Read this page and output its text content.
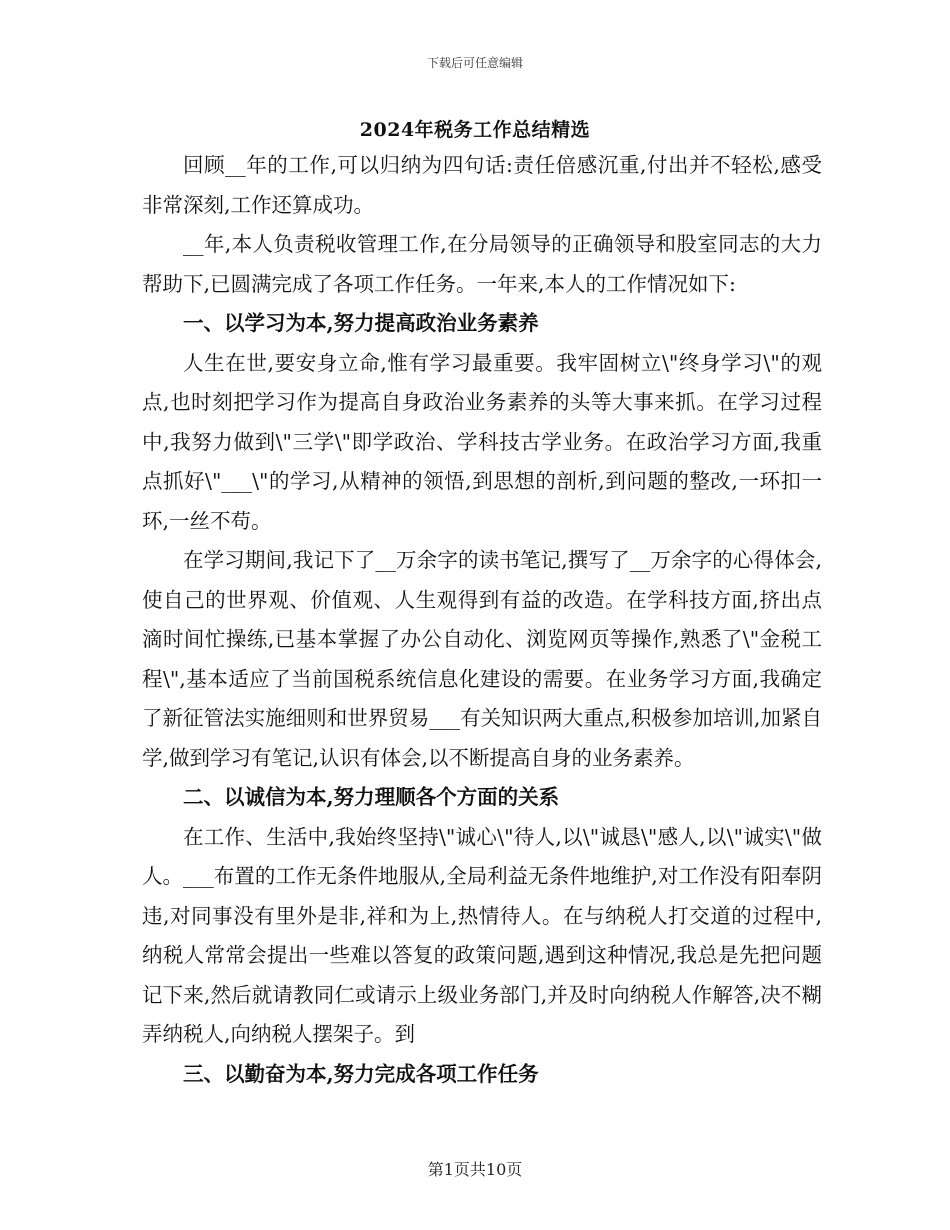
下载后可任意编辑
2024年税务工作总结精选

回顾__年的工作,可以归纳为四句话:责任倍感沉重,付出并不轻松,感受非常深刻,工作还算成功。

__年,本人负责税收管理工作,在分局领导的正确领导和股室同志的大力帮助下,已圆满完成了各项工作任务。一年来,本人的工作情况如下:

一、以学习为本,努力提高政治业务素养

人生在世,要安身立命,惟有学习最重要。我牢固树立\"终身学习\"的观点,也时刻把学习作为提高自身政治业务素养的头等大事来抓。在学习过程中,我努力做到\"三学\"即学政治、学科技古学业务。在政治学习方面,我重点抓好\"___\"的学习,从精神的领悟,到思想的剖析,到问题的整改,一环扣一环,一丝不苟。

在学习期间,我记下了__万余字的读书笔记,撰写了__万余字的心得体会,使自己的世界观、价值观、人生观得到有益的改造。在学科技方面,挤出点滴时间忙操练,已基本掌握了办公自动化、浏览网页等操作,熟悉了\"金税工程\",基本适应了当前国税系统信息化建设的需要。在业务学习方面,我确定了新征管法实施细则和世界贸易___有关知识两大重点,积极参加培训,加紧自学,做到学习有笔记,认识有体会,以不断提高自身的业务素养。

二、以诚信为本,努力理顺各个方面的关系

在工作、生活中,我始终坚持\"诚心\"待人,以\"诚恳\"感人,以\"诚实\"做人。___布置的工作无条件地服从,全局利益无条件地维护,对工作没有阳奉阴违,对同事没有里外是非,祥和为上,热情待人。在与纳税人打交道的过程中,纳税人常常会提出一些难以答复的政策问题,遇到这种情况,我总是先把问题记下来,然后就请教同仁或请示上级业务部门,并及时向纳税人作解答,决不糊弄纳税人,向纳税人摆架子。到

三、以勤奋为本,努力完成各项工作任务

第1页共10页
